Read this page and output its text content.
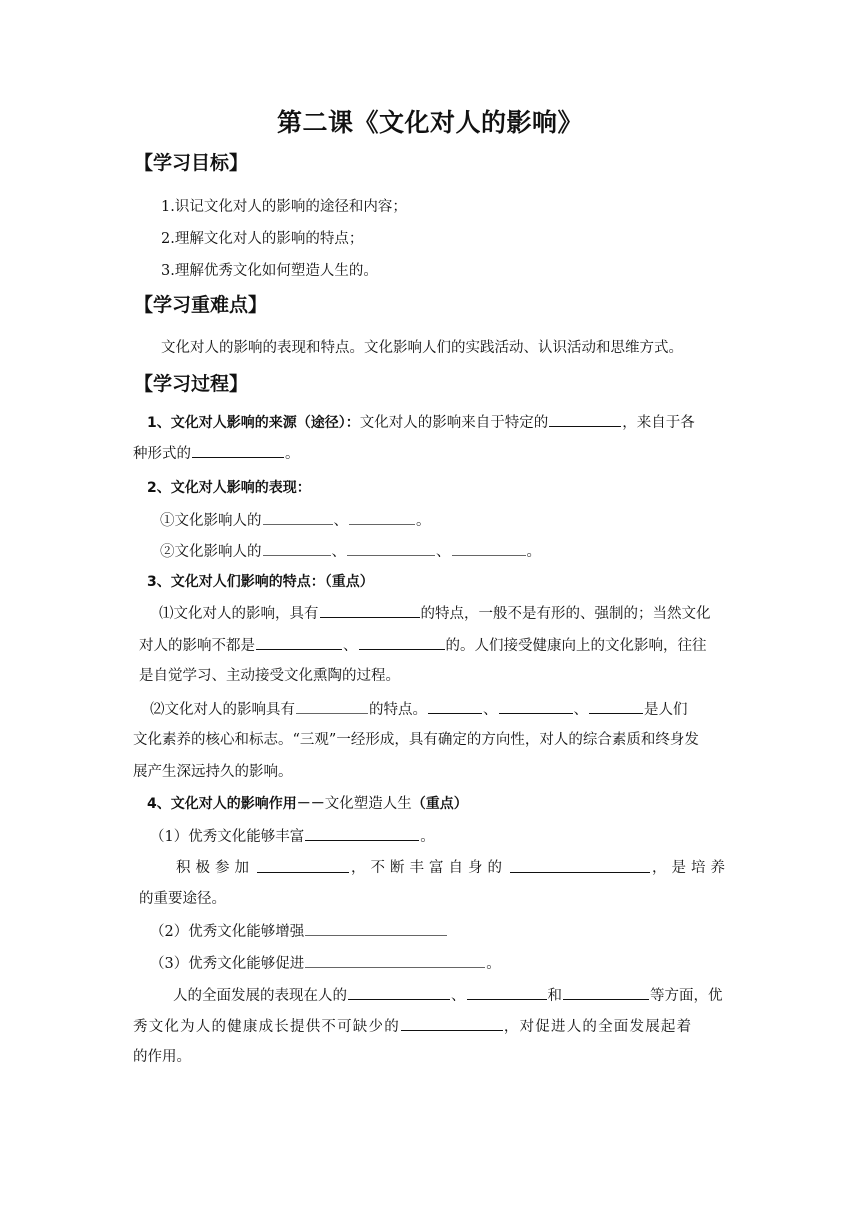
第二课《文化对人的影响》
【学习目标】
1.识记文化对人的影响的途径和内容；
2.理解文化对人的影响的特点；
3.理解优秀文化如何塑造人生的。
【学习重难点】
文化对人的影响的表现和特点。文化影响人们的实践活动、认识活动和思维方式。
【学习过程】
1、文化对人影响的来源（途径）：文化对人的影响来自于特定的	，来自于各
种形式的	。
2、文化对人影响的表现：
①文化影响人的	、	。
②文化影响人的	、	、	。
3、文化对人们影响的特点：（重点）
⑴文化对人的影响，具有	的特点，一般不是有形的、强制的；当然文化
对人的影响不都是	、	的。人们接受健康向上的文化影响，往往
是自觉学习、主动接受文化熏陶的过程。
⑵文化对人的影响具有	的特点。	、	、	是人们
文化素养的核心和标志。“三观”一经形成，具有确定的方向性，对人的综合素质和终身发
展产生深远持久的影响。
4、文化对人的影响作用－－文化塑造人生（重点）
（1）优秀文化能够丰富	。
积极参加	，不断丰富自身的	，是培养
的重要途径。
（2）优秀文化能够增强
（3）优秀文化能够促进	。
人的全面发展的表现在人的	、	和	等方面，优
秀文化为人的健康成长提供不可缺少的	，对促进人的全面发展起着
的作用。
